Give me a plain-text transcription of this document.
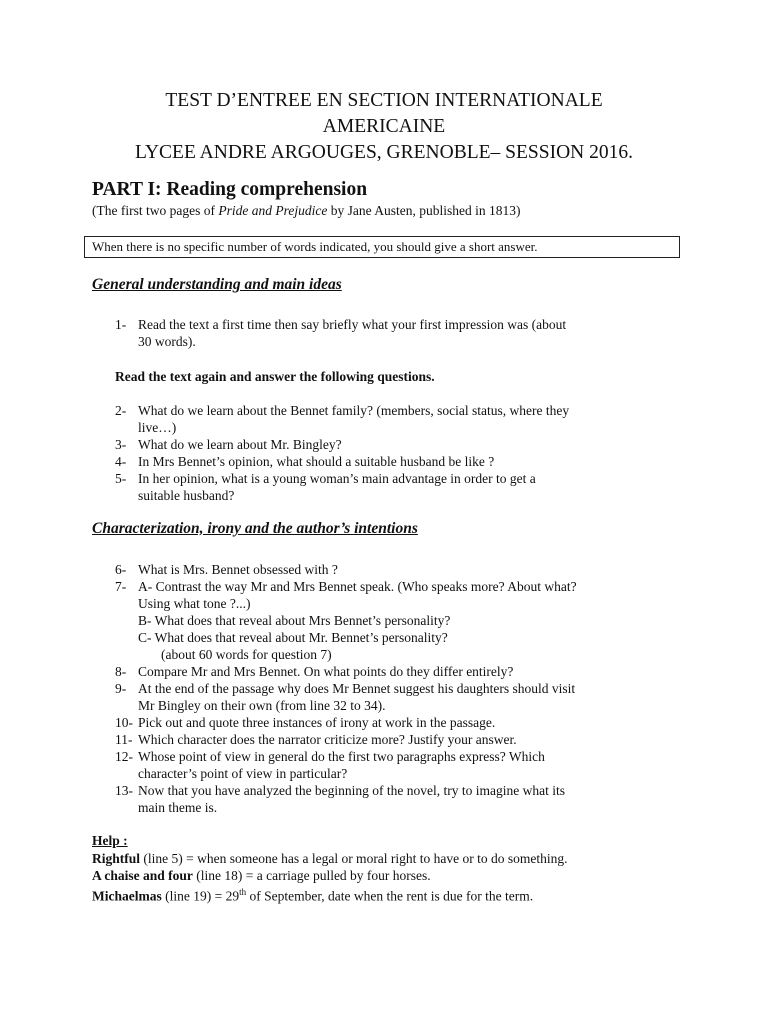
TEST D’ENTREE EN SECTION INTERNATIONALE
AMERICAINE
LYCEE ANDRE ARGOUGES, GRENOBLE– SESSION 2016.
PART I: Reading comprehension
(The first two pages of Pride and Prejudice by Jane Austen, published in 1813)
When there is no specific number of words indicated, you should give a short answer.
General understanding and main ideas
1- Read the text a first time then say briefly what your first impression was (about
30 words).
Read the text again and answer the following questions.
2- What do we learn about the Bennet family? (members, social status, where they
live…)
3- What do we learn about Mr. Bingley?
4- In Mrs Bennet’s opinion, what should a suitable husband be like ?
5- In her opinion, what is a young woman’s main advantage in order to get a
suitable husband?
Characterization, irony and the author’s intentions
6- What is Mrs. Bennet obsessed with ?
7- A- Contrast the way Mr and Mrs Bennet speak. (Who speaks more? About what?
Using what tone ?...)
B- What does that reveal about Mrs Bennet’s personality?
C- What does that reveal about Mr. Bennet’s personality?
(about 60 words for question 7)
8- Compare Mr and Mrs Bennet. On what points do they differ entirely?
9- At the end of the passage why does Mr Bennet suggest his daughters should visit
Mr Bingley on their own (from line 32 to 34).
10- Pick out and quote three instances of irony at work in the passage.
11- Which character does the narrator criticize more? Justify your answer.
12- Whose point of view in general do the first two paragraphs express? Which
character’s point of view in particular?
13- Now that you have analyzed the beginning of the novel, try to imagine what its
main theme is.
Help :
Rightful (line 5) = when someone has a legal or moral right to have or to do something.
A chaise and four (line 18) = a carriage pulled by four horses.
Michaelmas (line 19) = 29th of September, date when the rent is due for the term.
